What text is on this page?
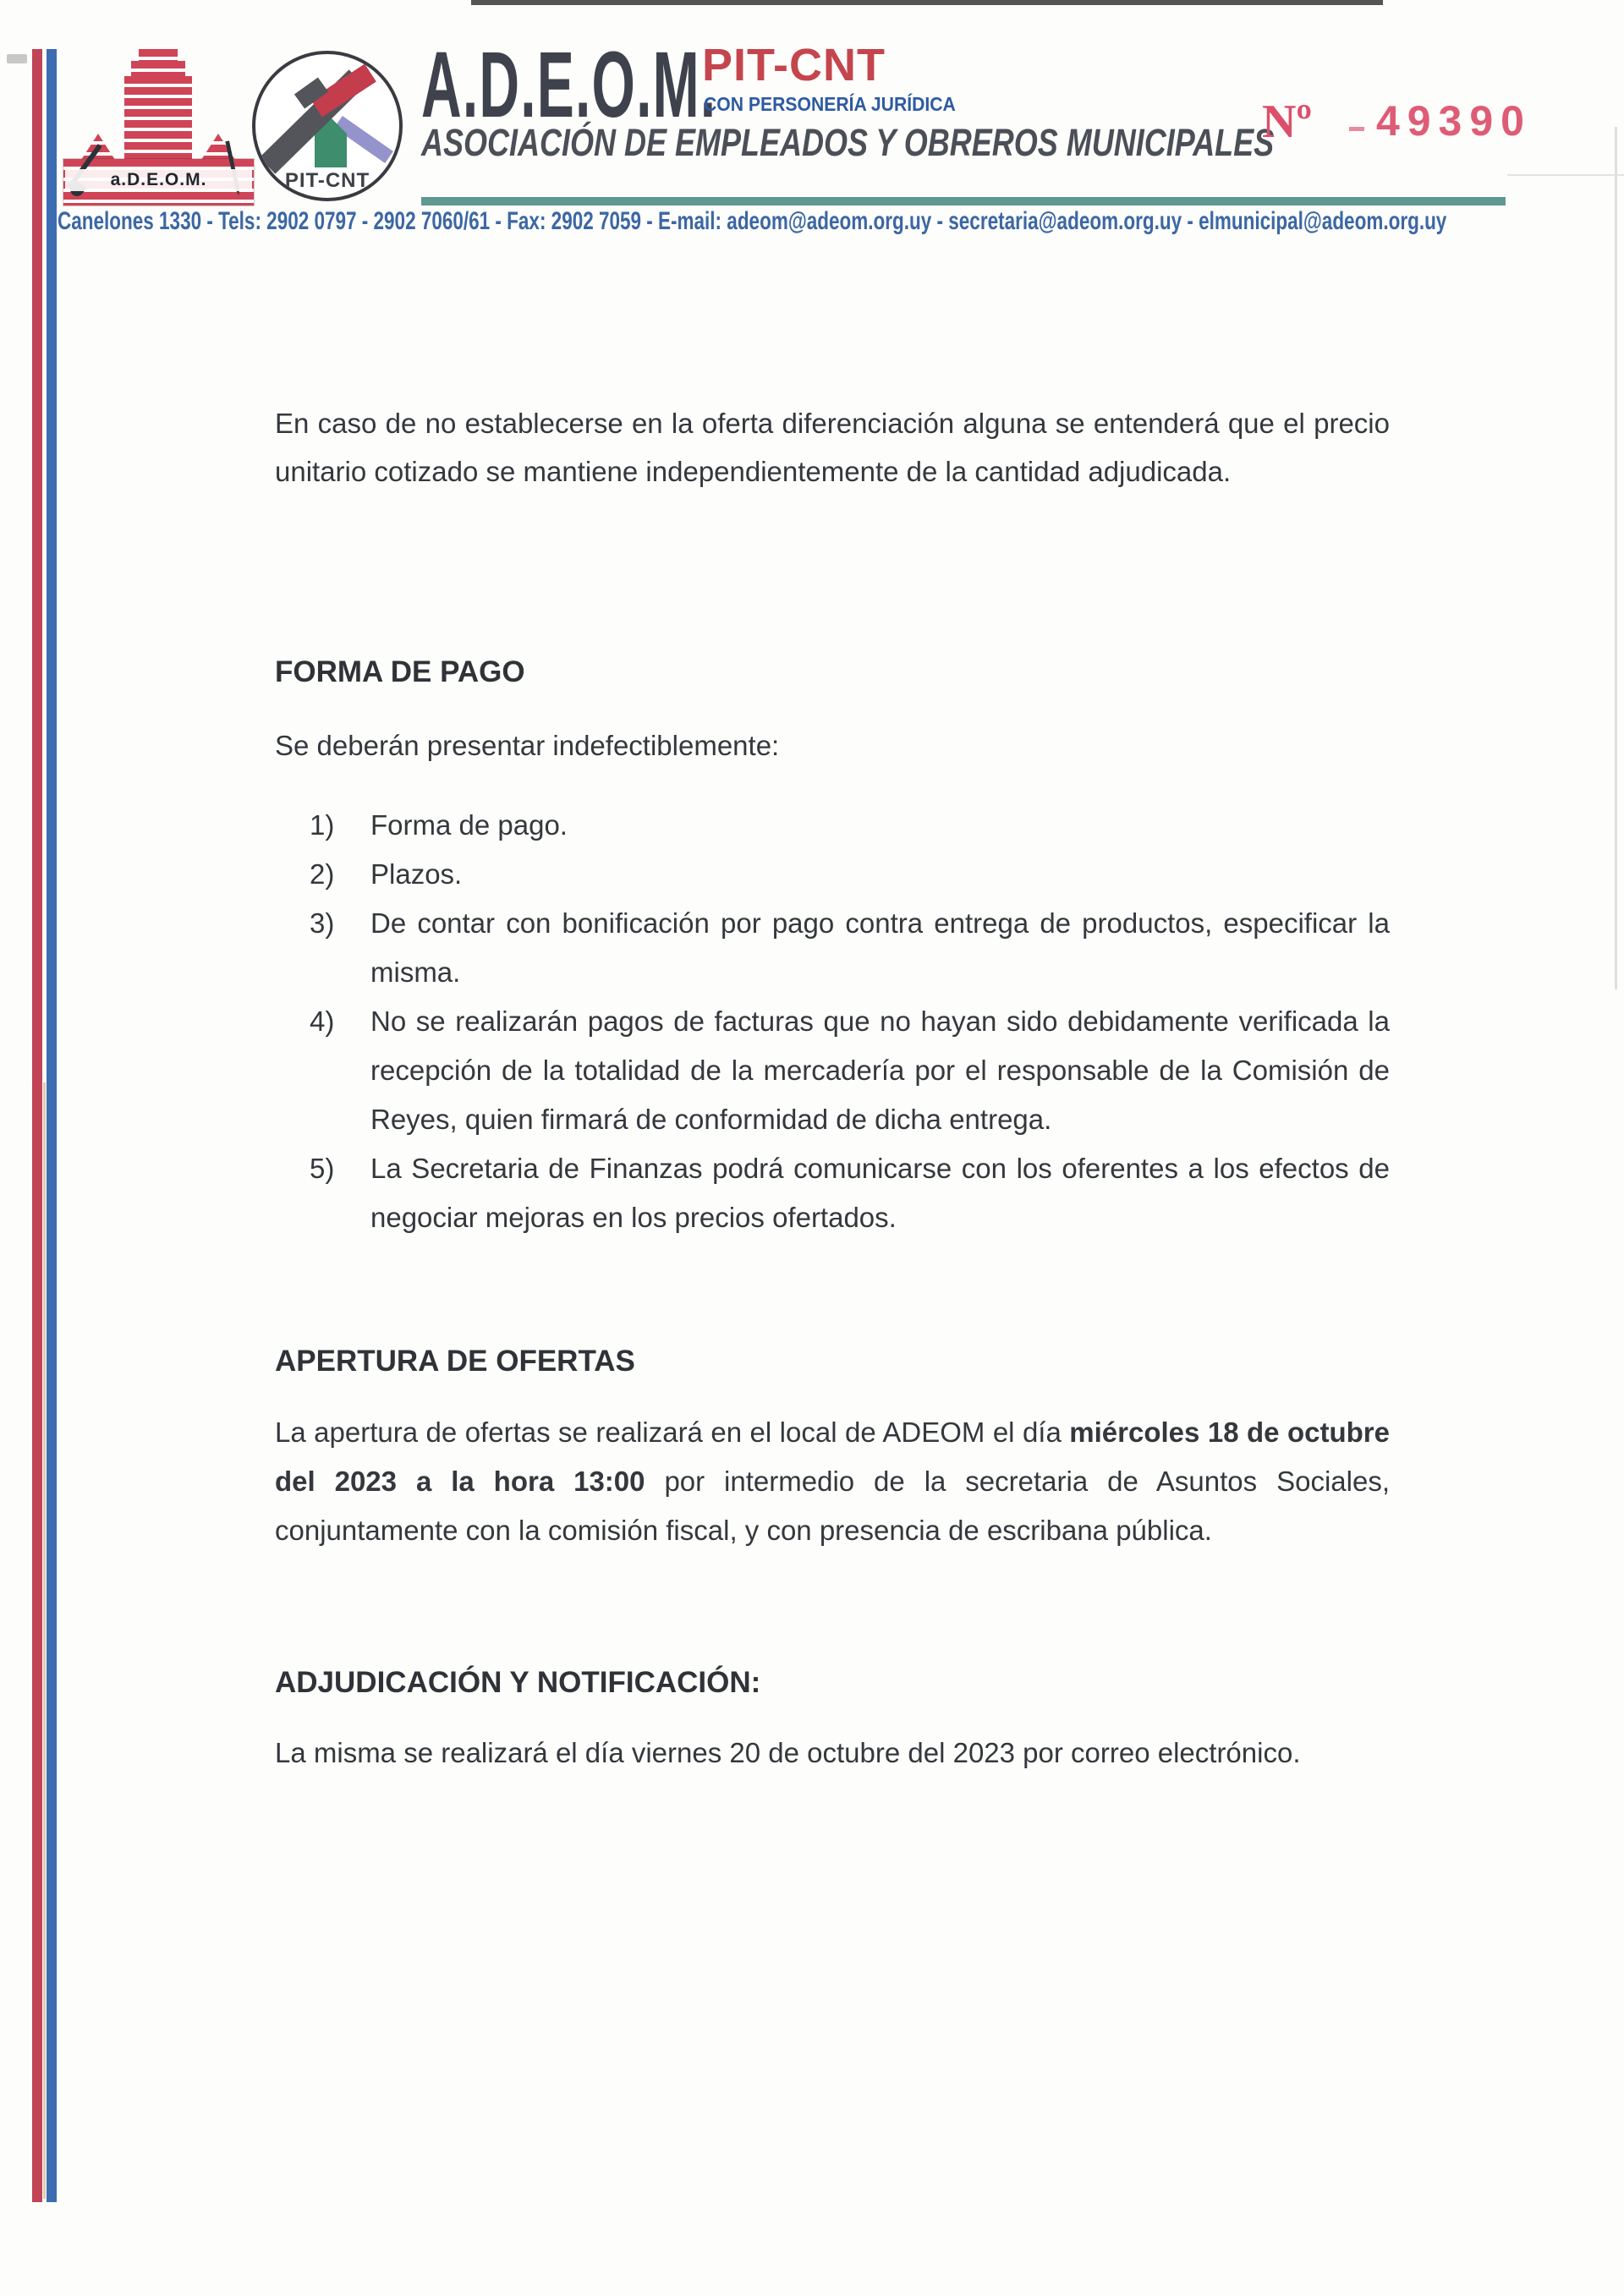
a.D.E.O.M.	PIT-CNT
A.D.E.O.M.
PIT-CNT
CON PERSONERÍA JURÍDICA
ASOCIACIÓN DE EMPLEADOS Y OBREROS MUNICIPALES
Nº 49390
Canelones 1330 - Tels: 2902 0797 - 2902 7060/61 - Fax: 2902 7059 - E-mail: adeom@adeom.org.uy - secretaria@adeom.org.uy - elmunicipal@adeom.org.uy
En caso de no establecerse en la oferta diferenciación alguna se entenderá que el precio unitario cotizado se mantiene independientemente de la cantidad adjudicada.
FORMA DE PAGO
Se deberán presentar indefectiblemente:
1)	Forma de pago.
2)	Plazos.
3)	De contar con bonificación por pago contra entrega de productos, especificar la misma.
4)	No se realizarán pagos de facturas que no hayan sido debidamente verificada la recepción de la totalidad de la mercadería por el responsable de la Comisión de Reyes, quien firmará de conformidad de dicha entrega.
5)	La Secretaria de Finanzas podrá comunicarse con los oferentes a los efectos de negociar mejoras en los precios ofertados.
APERTURA DE OFERTAS
La apertura de ofertas se realizará en el local de ADEOM el día miércoles 18 de octubre del 2023 a la hora 13:00 por intermedio de la secretaria de Asuntos Sociales, conjuntamente con la comisión fiscal, y con presencia de escribana pública.
ADJUDICACIÓN Y NOTIFICACIÓN:
La misma se realizará el día viernes 20 de octubre del 2023 por correo electrónico.
